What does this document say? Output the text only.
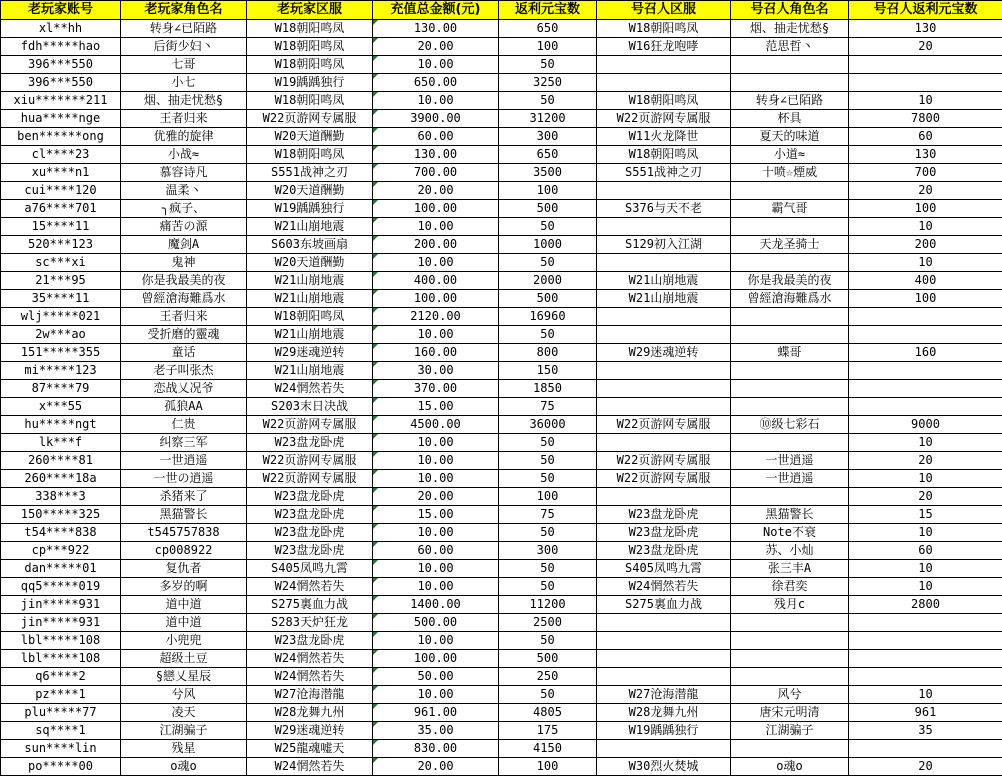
老玩家账号	老玩家角色名	老玩家区服	充值总金额(元)	返利元宝数	号召人区服	号召人角色名	号召人返利元宝数
xl**hh	转身∠已陌路	W18朝阳鸣凤	130.00	650	W18朝阳鸣凤	烟、抽走忧愁§	130
fdh*****hao	后街少妇丶	W18朝阳鸣凤	20.00	100	W16狂龙咆哮	范思哲丶	20
396***550	七哥	W18朝阳鸣凤	10.00	50			
396***550	小七	W19踽踽独行	650.00	3250			
xiu*******211	烟、抽走忧愁§	W18朝阳鸣凤	10.00	50	W18朝阳鸣凤	转身∠已陌路	10
hua*****nge	王者归来	W22页游网专属服	3900.00	31200	W22页游网专属服	杯具	7800
ben******ong	优雅的旋律	W20天道酬勤	60.00	300	W11火龙降世	夏天的味道	60
cl****23	小战≈	W18朝阳鸣凤	130.00	650	W18朝阳鸣凤	小道≈	130
xu****n1	慕容诗凡	S551战神之刃	700.00	3500	S551战神之刃	十喷☆煙威	700
cui****120	温柔丶	W20天道酬勤	20.00	100			20
a76****701	╮疯子、	W19踽踽独行	100.00	500	S376与天不老	霸气哥	100
15****11	痛苦の源	W21山崩地震	10.00	50			10
520***123	魔剑A	S603东坡画扇	200.00	1000	S129初入江湖	天龙圣骑士	200
sc***xi	鬼神	W20天道酬勤	10.00	50			10
21***95	你是我最美的夜	W21山崩地震	400.00	2000	W21山崩地震	你是我最美的夜	400
35****11	曾經滄海難爲水	W21山崩地震	100.00	500	W21山崩地震	曾經滄海難爲水	100
wlj*****021	王者归来	W18朝阳鸣凤	2120.00	16960			
2w***ao	受折磨的靈魂	W21山崩地震	10.00	50			
151*****355	童话	W29迷魂逆转	160.00	800	W29迷魂逆转	蝶哥	160
mi*****123	老子叫张杰	W21山崩地震	30.00	150			
87****79	恋战乂况爷	W24惘然若失	370.00	1850			
x***55	孤狼AA	S203末日决战	15.00	75			
hu*****ngt	仁贵	W22页游网专属服	4500.00	36000	W22页游网专属服	⑩级七彩石	9000
lk***f	纠察三军	W23盘龙卧虎	10.00	50			10
260****81	一世逍遥	W22页游网专属服	10.00	50	W22页游网专属服	一世逍遥	20
260****18a	一世の逍遥	W22页游网专属服	10.00	50	W22页游网专属服	一世逍遥	10
338***3	杀猪来了	W23盘龙卧虎	20.00	100			20
150*****325	黑猫警长	W23盘龙卧虎	15.00	75	W23盘龙卧虎	黑猫警长	15
t54****838	t545757838	W23盘龙卧虎	10.00	50	W23盘龙卧虎	Note不衰	10
cp***922	cp008922	W23盘龙卧虎	60.00	300	W23盘龙卧虎	苏、小灿	60
dan*****01	复仇者	S405凤鸣九霄	10.00	50	S405凤鸣九霄	张三丰A	10
qq5*****019	多岁的啊	W24惘然若失	10.00	50	W24惘然若失	徐君奕	10
jin*****931	道中道	S275裏血力战	1400.00	11200	S275裏血力战	残月c	2800
jin*****931	道中道	S283天炉狂龙	500.00	2500			
lbl*****108	小兜兜	W23盘龙卧虎	10.00	50			
lbl*****108	超级土豆	W24惘然若失	100.00	500			
q6****2	§戀乂星辰	W24惘然若失	50.00	250			
pz****1	兮风	W27沧海潜龍	10.00	50	W27沧海潜龍	风兮	10
plu*****77	凌天	W28龙舞九州	961.00	4805	W28龙舞九州	唐宋元明清	961
sq****1	江湖骗子	W29迷魂逆转	35.00	175	W19踽踽独行	江湖骗子	35
sun****lin	残星	W25龍魂嘘天	830.00	4150			
po*****00	o魂o	W24惘然若失	20.00	100	W30烈火焚城	o魂o	20
